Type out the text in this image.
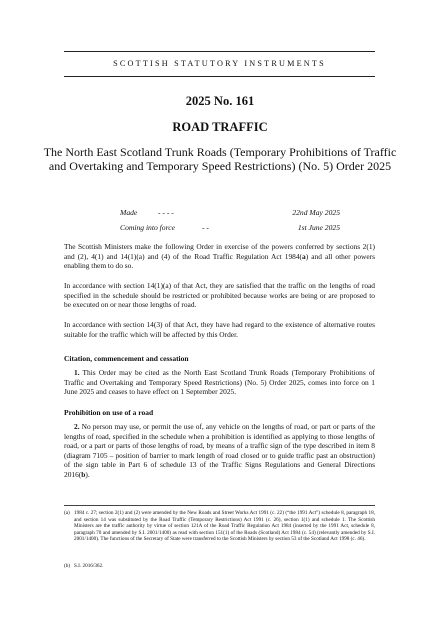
SCOTTISH STATUTORY INSTRUMENTS
2025 No. 161
ROAD TRAFFIC
The North East Scotland Trunk Roads (Temporary Prohibitions of Traffic and Overtaking and Temporary Speed Restrictions) (No. 5) Order 2025
Made	- - - -	22nd May 2025
Coming into force	- -	1st June 2025
The Scottish Ministers make the following Order in exercise of the powers conferred by sections 2(1) and (2), 4(1) and 14(1)(a) and (4) of the Road Traffic Regulation Act 1984(a) and all other powers enabling them to do so.
In accordance with section 14(1)(a) of that Act, they are satisfied that the traffic on the lengths of road specified in the schedule should be restricted or prohibited because works are being or are proposed to be executed on or near those lengths of road.
In accordance with section 14(3) of that Act, they have had regard to the existence of alternative routes suitable for the traffic which will be affected by this Order.
Citation, commencement and cessation
1. This Order may be cited as the North East Scotland Trunk Roads (Temporary Prohibitions of Traffic and Overtaking and Temporary Speed Restrictions) (No. 5) Order 2025, comes into force on 1 June 2025 and ceases to have effect on 1 September 2025.
Prohibition on use of a road
2. No person may use, or permit the use of, any vehicle on the lengths of road, or part or parts of the lengths of road, specified in the schedule when a prohibition is identified as applying to those lengths of road, or a part or parts of those lengths of road, by means of a traffic sign of the type described in item 8 (diagram 7105 – position of barrier to mark length of road closed or to guide traffic past an obstruction) of the sign table in Part 6 of schedule 13 of the Traffic Signs Regulations and General Directions 2016(b).
(a) 1984 c. 27; section 2(1) and (2) were amended by the New Roads and Street Works Act 1991 (c. 22) (“the 1991 Act”) schedule 8, paragraph 18, and section 14 was substituted by the Road Traffic (Temporary Restrictions) Act 1991 (c. 26), section 1(1) and schedule 1. The Scottish Ministers are the traffic authority by virtue of section 121A of the Road Traffic Regulation Act 1984 (inserted by the 1991 Act, schedule 8, paragraph 70 and amended by S.I. 2001/1400) as read with section 151(1) of the Roads (Scotland) Act 1984 (c. 54) (relevantly amended by S.I. 2001/1400). The functions of the Secretary of State were transferred to the Scottish Ministers by section 53 of the Scotland Act 1998 (c. 46).
(b) S.I. 2016/362.
